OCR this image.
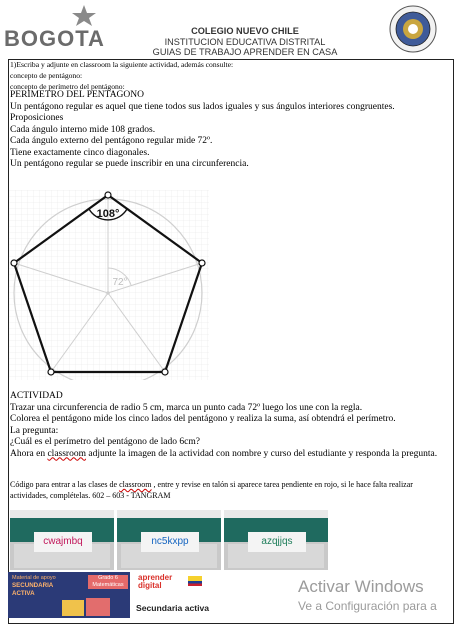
BOGOTA	COLEGIO NUEVO CHILE
INSTITUCION EDUCATIVA DISTRITAL
GUIAS DE TRABAJO APRENDER EN CASA
1)Escriba y adjunte en classroom la siguiente actividad, además consulte:
concepto de pentágono:
concepto de perímetro del pentágono:
PERIMETRO DEL PENTAGONO
Un pentágono regular es aquel que tiene todos sus lados iguales y sus ángulos interiores congruentes.
Proposiciones
Cada ángulo interno mide 108 grados.
Cada ángulo externo del pentágono regular mide 72º.
Tiene exactamente cinco diagonales.
Un pentágono regular se puede inscribir en una circunferencia.
108°
72°
ACTIVIDAD
Trazar una circunferencia de radio 5 cm, marca un punto cada 72º luego los une con la regla.
Colorea el pentágono mide los cinco lados del pentágono y realiza la suma, así obtendrá el perímetro.
La pregunta:
¿Cuál es el perímetro del pentágono de lado 6cm?
Ahora en classroom adjunte la imagen de la actividad con nombre y curso del estudiante y responda la pregunta.
Código para entrar a las clases de classroom , entre y revise en talón si aparece tarea pendiente en rojo, si le hace falta realizar actividades, complételas. 602 – 603 - TANGRAM
cwajmbq	nc5kxpp	azqjjqs
Material de apoyo
SECUNDARIA
ACTIVA
Grado 6 Matemáticas
aprender
digital
Secundaria activa
Activar Windows
Ve a Configuración para a
